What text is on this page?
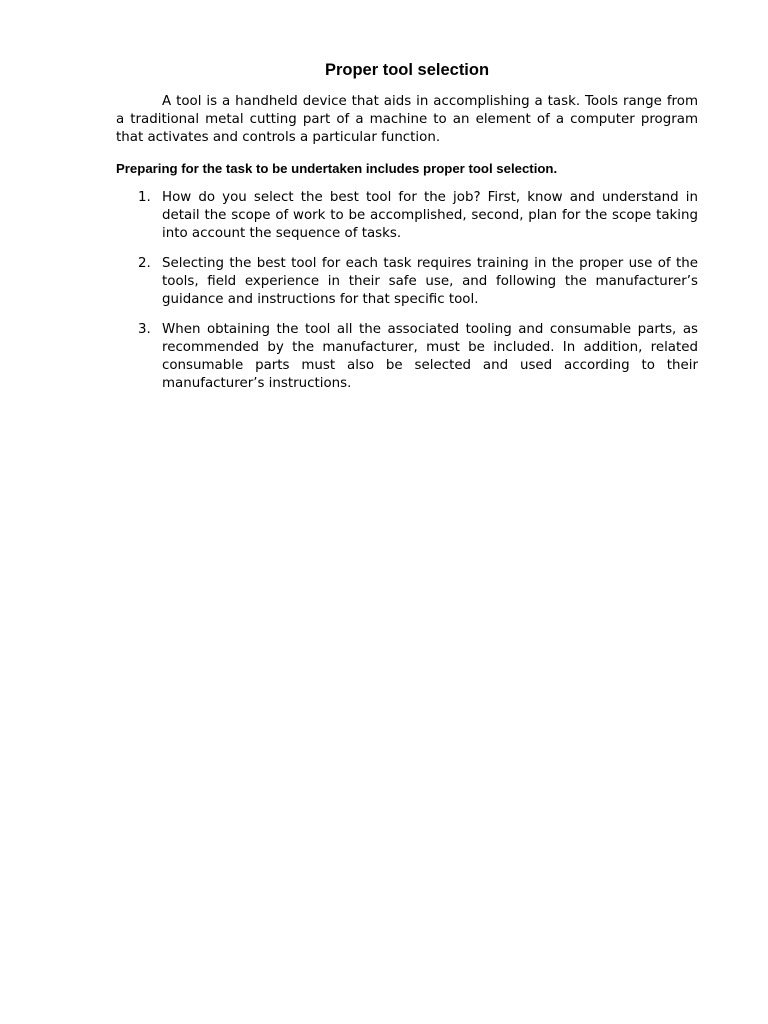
Proper tool selection

A tool is a handheld device that aids in accomplishing a task. Tools range from a traditional metal cutting part of a machine to an element of a computer program that activates and controls a particular function.

Preparing for the task to be undertaken includes proper tool selection.

1. How do you select the best tool for the job? First, know and understand in detail the scope of work to be accomplished, second, plan for the scope taking into account the sequence of tasks.

2. Selecting the best tool for each task requires training in the proper use of the tools, field experience in their safe use, and following the manufacturer’s guidance and instructions for that specific tool.

3. When obtaining the tool all the associated tooling and consumable parts, as recommended by the manufacturer, must be included. In addition, related consumable parts must also be selected and used according to their manufacturer’s instructions.
